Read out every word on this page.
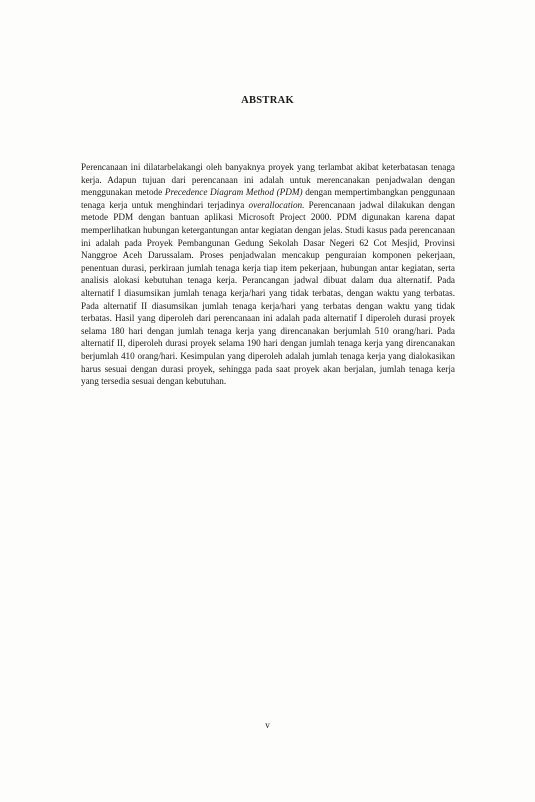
ABSTRAK

Perencanaan ini dilatarbelakangi oleh banyaknya proyek yang terlambat akibat keterbatasan tenaga kerja. Adapun tujuan dari perencanaan ini adalah untuk merencanakan penjadwalan dengan menggunakan metode Precedence Diagram Method (PDM) dengan mempertimbangkan penggunaan tenaga kerja untuk menghindari terjadinya overallocation. Perencanaan jadwal dilakukan dengan metode PDM dengan bantuan aplikasi Microsoft Project 2000. PDM digunakan karena dapat memperlihatkan hubungan ketergantungan antar kegiatan dengan jelas. Studi kasus pada perencanaan ini adalah pada Proyek Pembangunan Gedung Sekolah Dasar Negeri 62 Cot Mesjid, Provinsi Nanggroe Aceh Darussalam. Proses penjadwalan mencakup penguraian komponen pekerjaan, penentuan durasi, perkiraan jumlah tenaga kerja tiap item pekerjaan, hubungan antar kegiatan, serta analisis alokasi kebutuhan tenaga kerja. Perancangan jadwal dibuat dalam dua alternatif. Pada alternatif I diasumsikan jumlah tenaga kerja/hari yang tidak terbatas, dengan waktu yang terbatas. Pada alternatif II diasumsikan jumlah tenaga kerja/hari yang terbatas dengan waktu yang tidak terbatas. Hasil yang diperoleh dari perencanaan ini adalah pada alternatif I diperoleh durasi proyek selama 180 hari dengan jumlah tenaga kerja yang direncanakan berjumlah 510 orang/hari. Pada alternatif II, diperoleh durasi proyek selama 190 hari dengan jumlah tenaga kerja yang direncanakan berjumlah 410 orang/hari. Kesimpulan yang diperoleh adalah jumlah tenaga kerja yang dialokasikan harus sesuai dengan durasi proyek, sehingga pada saat proyek akan berjalan, jumlah tenaga kerja yang tersedia sesuai dengan kebutuhan.

v
